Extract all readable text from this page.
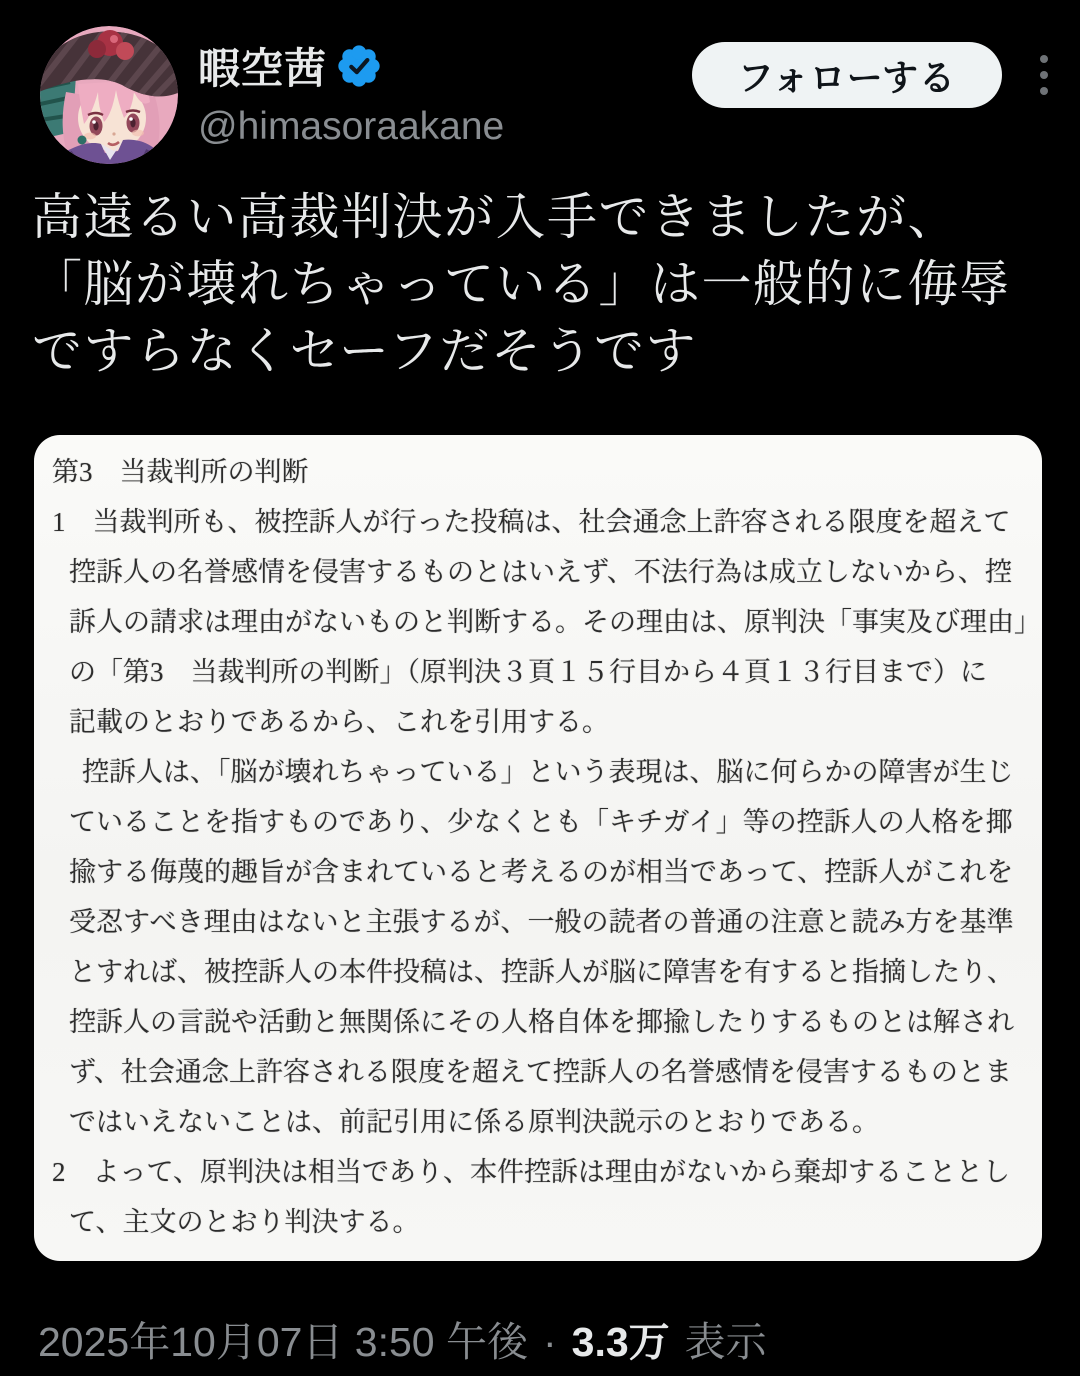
暇空茜
@himasoraakane
フォローする
高遠るい高裁判決が入手できましたが、
「脳が壊れちゃっている」は一般的に侮辱
ですらなくセーフだそうです
第3　当裁判所の判断
1　当裁判所も、被控訴人が行った投稿は、社会通念上許容される限度を超えて
控訴人の名誉感情を侵害するものとはいえず、不法行為は成立しないから、控
訴人の請求は理由がないものと判断する。その理由は、原判決「事実及び理由」
の「第3　当裁判所の判断」（原判決３頁１５行目から４頁１３行目まで）に
記載のとおりであるから、これを引用する。
控訴人は、「脳が壊れちゃっている」という表現は、脳に何らかの障害が生じ
ていることを指すものであり、少なくとも「キチガイ」等の控訴人の人格を揶
揄する侮蔑的趣旨が含まれていると考えるのが相当であって、控訴人がこれを
受忍すべき理由はないと主張するが、一般の読者の普通の注意と読み方を基準
とすれば、被控訴人の本件投稿は、控訴人が脳に障害を有すると指摘したり、
控訴人の言説や活動と無関係にその人格自体を揶揄したりするものとは解され
ず、社会通念上許容される限度を超えて控訴人の名誉感情を侵害するものとま
ではいえないことは、前記引用に係る原判決説示のとおりである。
2　よって、原判決は相当であり、本件控訴は理由がないから棄却することとし
て、主文のとおり判決する。
2025年10月07日 3:50 午後 · 3.3万 表示
